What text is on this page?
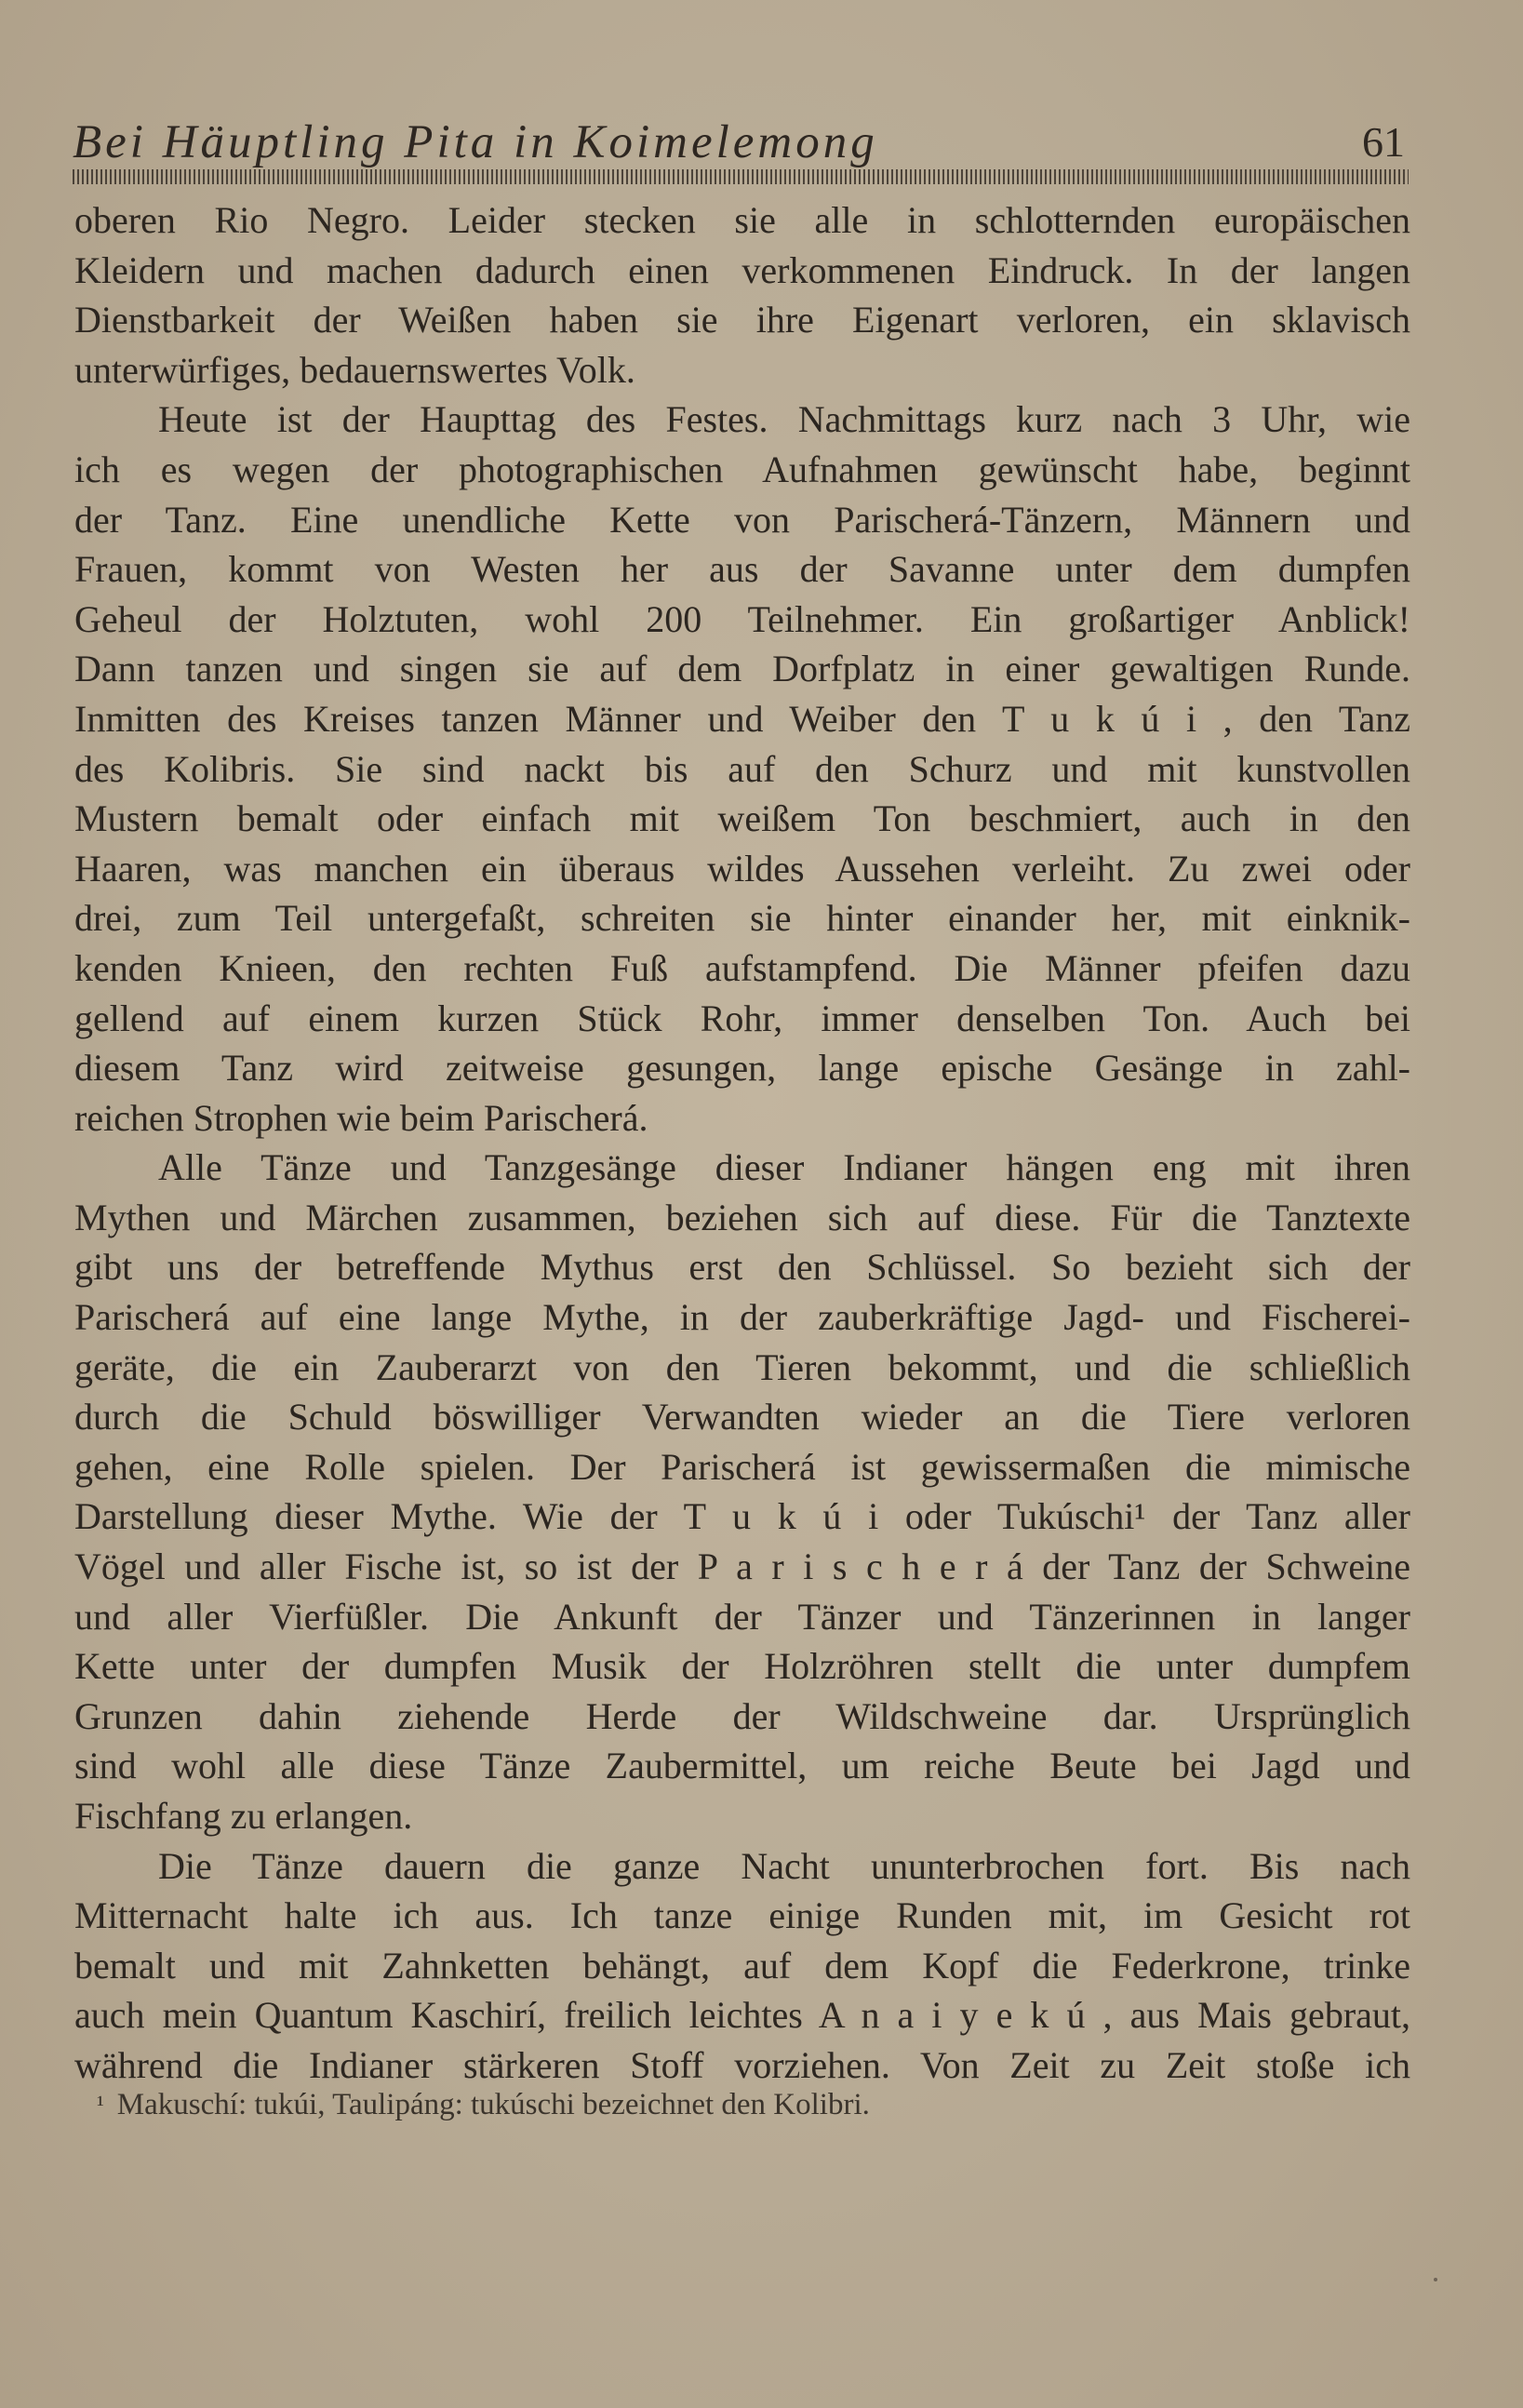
Bei Häuptling Pita in Koimelemong	61
oberen Rio Negro. Leider stecken sie alle in schlotternden europäischen
Kleidern und machen dadurch einen verkommenen Eindruck. In der langen
Dienstbarkeit der Weißen haben sie ihre Eigenart verloren, ein sklavisch
unterwürfiges, bedauernswertes Volk.
Heute ist der Haupttag des Festes. Nachmittags kurz nach 3 Uhr, wie
ich es wegen der photographischen Aufnahmen gewünscht habe, beginnt
der Tanz. Eine unendliche Kette von Parischerá-Tänzern, Männern und
Frauen, kommt von Westen her aus der Savanne unter dem dumpfen
Geheul der Holztuten, wohl 200 Teilnehmer. Ein großartiger Anblick!
Dann tanzen und singen sie auf dem Dorfplatz in einer gewaltigen Runde.
Inmitten des Kreises tanzen Männer und Weiber den T u k ú i , den Tanz
des Kolibris. Sie sind nackt bis auf den Schurz und mit kunstvollen
Mustern bemalt oder einfach mit weißem Ton beschmiert, auch in den
Haaren, was manchen ein überaus wildes Aussehen verleiht. Zu zwei oder
drei, zum Teil untergefaßt, schreiten sie hinter einander her, mit einknik-
kenden Knieen, den rechten Fuß aufstampfend. Die Männer pfeifen dazu
gellend auf einem kurzen Stück Rohr, immer denselben Ton. Auch bei
diesem Tanz wird zeitweise gesungen, lange epische Gesänge in zahl-
reichen Strophen wie beim Parischerá.
Alle Tänze und Tanzgesänge dieser Indianer hängen eng mit ihren
Mythen und Märchen zusammen, beziehen sich auf diese. Für die Tanztexte
gibt uns der betreffende Mythus erst den Schlüssel. So bezieht sich der
Parischerá auf eine lange Mythe, in der zauberkräftige Jagd- und Fischerei-
geräte, die ein Zauberarzt von den Tieren bekommt, und die schließlich
durch die Schuld böswilliger Verwandten wieder an die Tiere verloren
gehen, eine Rolle spielen. Der Parischerá ist gewissermaßen die mimische
Darstellung dieser Mythe. Wie der T u k ú i oder Tukúschi¹ der Tanz aller
Vögel und aller Fische ist, so ist der P a r i s c h e r á der Tanz der Schweine
und aller Vierfüßler. Die Ankunft der Tänzer und Tänzerinnen in langer
Kette unter der dumpfen Musik der Holzröhren stellt die unter dumpfem
Grunzen dahin ziehende Herde der Wildschweine dar. Ursprünglich
sind wohl alle diese Tänze Zaubermittel, um reiche Beute bei Jagd und
Fischfang zu erlangen.
Die Tänze dauern die ganze Nacht ununterbrochen fort. Bis nach
Mitternacht halte ich aus. Ich tanze einige Runden mit, im Gesicht rot
bemalt und mit Zahnketten behängt, auf dem Kopf die Federkrone, trinke
auch mein Quantum Kaschirí, freilich leichtes A n a i y e k ú , aus Mais gebraut,
während die Indianer stärkeren Stoff vorziehen. Von Zeit zu Zeit stoße ich
$^{^1}$ Makuschí: tukúi, Taulipáng: tukúschi bezeichnet den Kolibri.
